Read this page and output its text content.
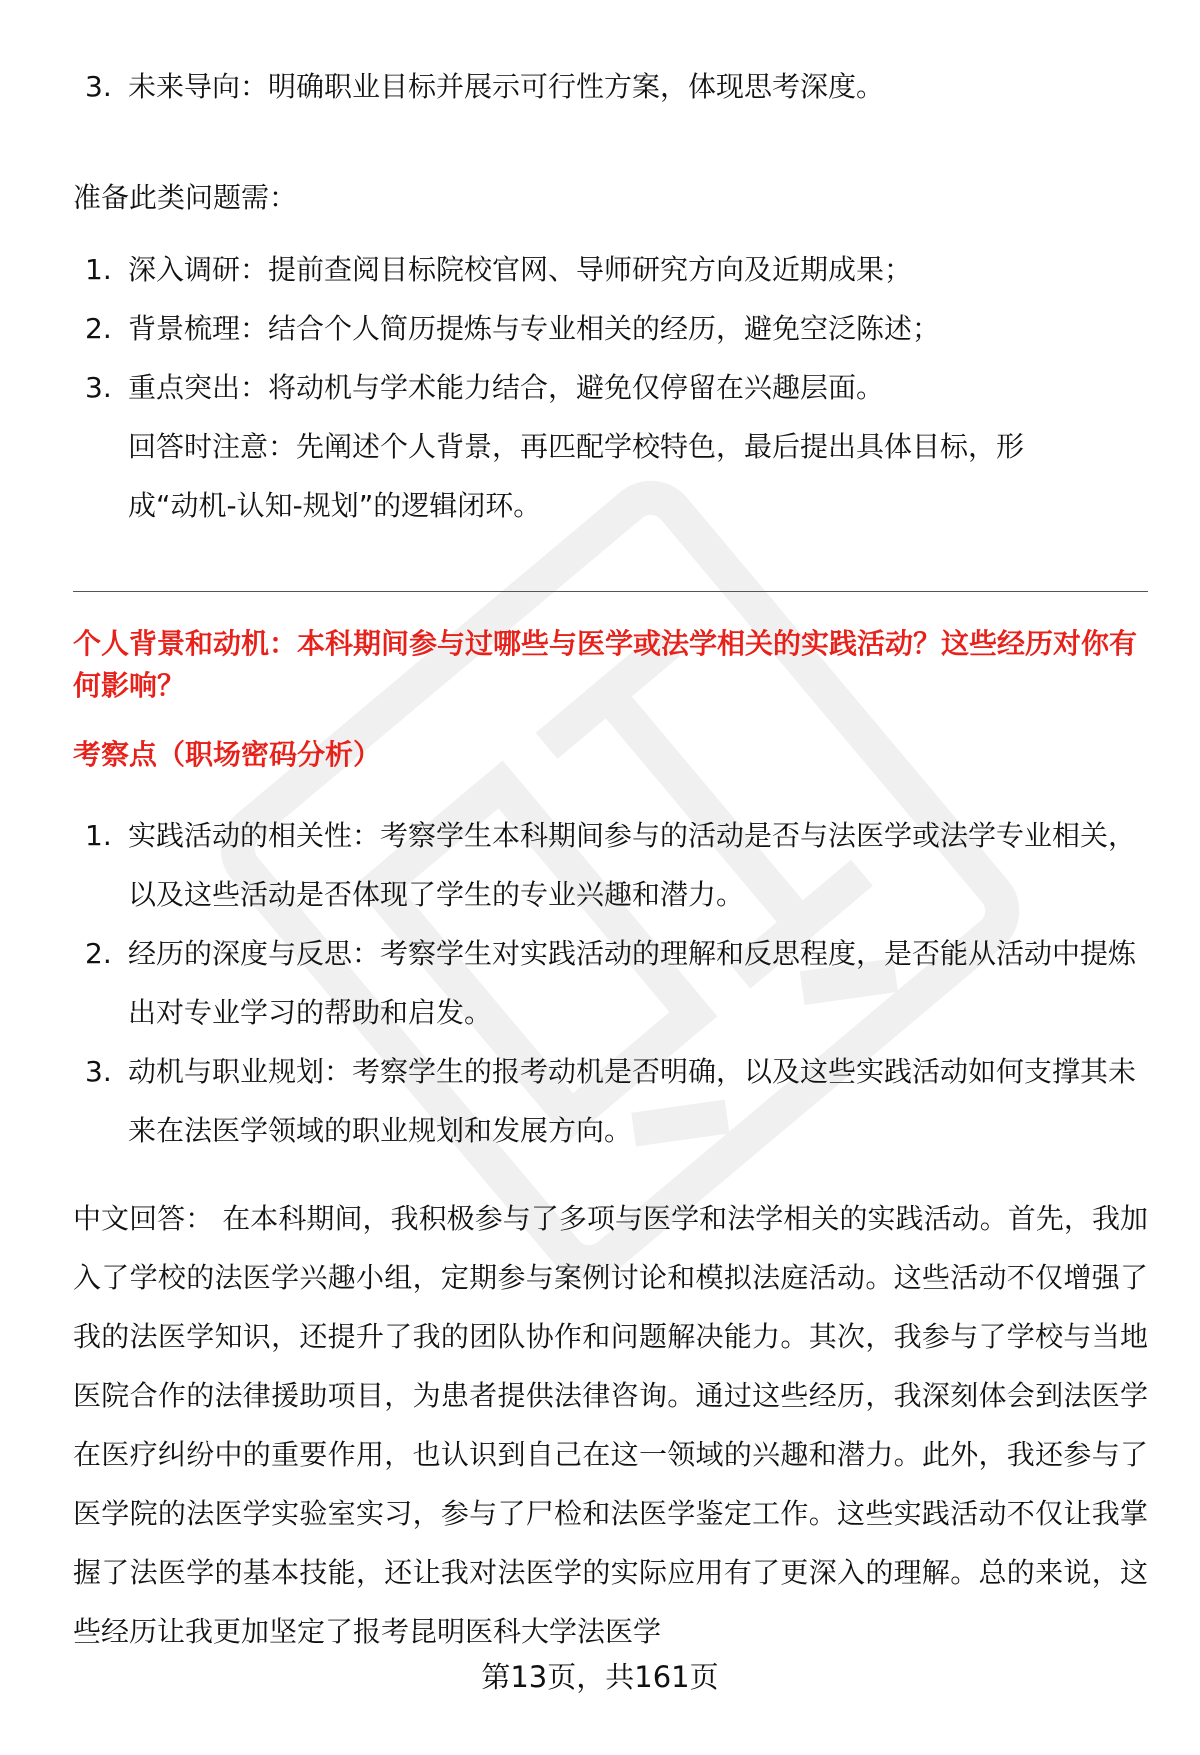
3. 未来导向：明确职业目标并展示可行性方案，体现思考深度。

准备此类问题需：

1. 深入调研：提前查阅目标院校官网、导师研究方向及近期成果；
2. 背景梳理：结合个人简历提炼与专业相关的经历，避免空泛陈述；
3. 重点突出：将动机与学术能力结合，避免仅停留在兴趣层面。

回答时注意：先阐述个人背景，再匹配学校特色，最后提出具体目标，形成“动机-认知-规划”的逻辑闭环。

个人背景和动机：本科期间参与过哪些与医学或法学相关的实践活动？这些经历对你有何影响？
考察点（职场密码分析）
1. 实践活动的相关性：考察学生本科期间参与的活动是否与法医学或法学专业相关，以及这些活动是否体现了学生的专业兴趣和潜力。
2. 经历的深度与反思：考察学生对实践活动的理解和反思程度，是否能从活动中提炼出对专业学习的帮助和启发。
3. 动机与职业规划：考察学生的报考动机是否明确，以及这些实践活动如何支撑其未来在法医学领域的职业规划和发展方向。

中文回答： 在本科期间，我积极参与了多项与医学和法学相关的实践活动。首先，我加入了学校的法医学兴趣小组，定期参与案例讨论和模拟法庭活动。这些活动不仅增强了我的法医学知识，还提升了我的团队协作和问题解决能力。其次，我参与了学校与当地医院合作的法律援助项目，为患者提供法律咨询。通过这些经历，我深刻体会到法医学在医疗纠纷中的重要作用，也认识到自己在这一领域的兴趣和潜力。此外，我还参与了医学院的法医学实验室实习，参与了尸检和法医学鉴定工作。这些实践活动不仅让我掌握了法医学的基本技能，还让我对法医学的实际应用有了更深入的理解。总的来说，这些经历让我更加坚定了报考昆明医科大学法医学

第13页，共161页
